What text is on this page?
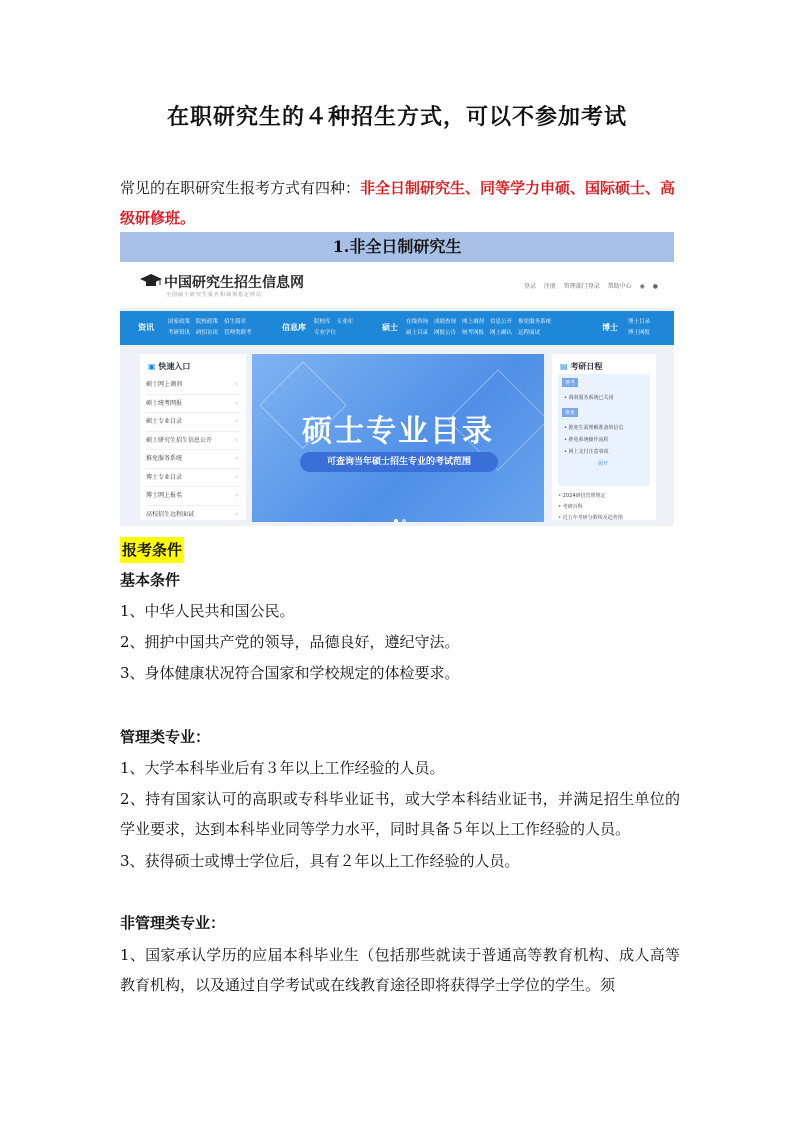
在职研究生的４种招生方式，可以不参加考试
常见的在职研究生报考方式有四种：非全日制研究生、同等学力申硕、国际硕士、高级研修班。
1.非全日制研究生
中国研究生招生信息网
全国硕士研究生报名和调剂指定网站
登录 注册 管理部门登录 帮助中心 ◉ ●
资讯
国家政策 院校政策 招生简章
考研资讯 研招访谈 管理类联考
信息库
院校库 专业库
专业学位
硕士
在线咨询 成绩查询 网上调剂 信息公开 推免服务系统
硕士目录 网报公告 统考网报 网上确认 远程面试
博士
博士目录
博士网报
▣ 快速入口
硕士网上调剂	›
硕士统考网报	›
硕士专业目录	›
硕士研究生招生信息公开	›
推免服务系统	›
博士专业目录	›
博士网上报名	›
高校招生远程面试	›
硕士专业目录
可查询当年硕士招生专业的考试范围
▤ 考研日程
统考
• 调剂服务系统已关闭
推免
• 推免生需理解准备的信息
• 推免系统操作流程
• 网上支付注意事项
展开
• 2024研招管理规定
• 考研百科
• 近五年考研分数线及趋势图
报考条件
基本条件
1、中华人民共和国公民。
2、拥护中国共产党的领导，品德良好，遵纪守法。
3、身体健康状况符合国家和学校规定的体检要求。
管理类专业：
1、大学本科毕业后有３年以上工作经验的人员。
2、持有国家认可的高职或专科毕业证书，或大学本科结业证书，并满足招生单位的学业要求，达到本科毕业同等学力水平，同时具备５年以上工作经验的人员。
3、获得硕士或博士学位后，具有２年以上工作经验的人员。
非管理类专业：
1、国家承认学历的应届本科毕业生（包括那些就读于普通高等教育机构、成人高等教育机构，以及通过自学考试或在线教育途径即将获得学士学位的学生。须
